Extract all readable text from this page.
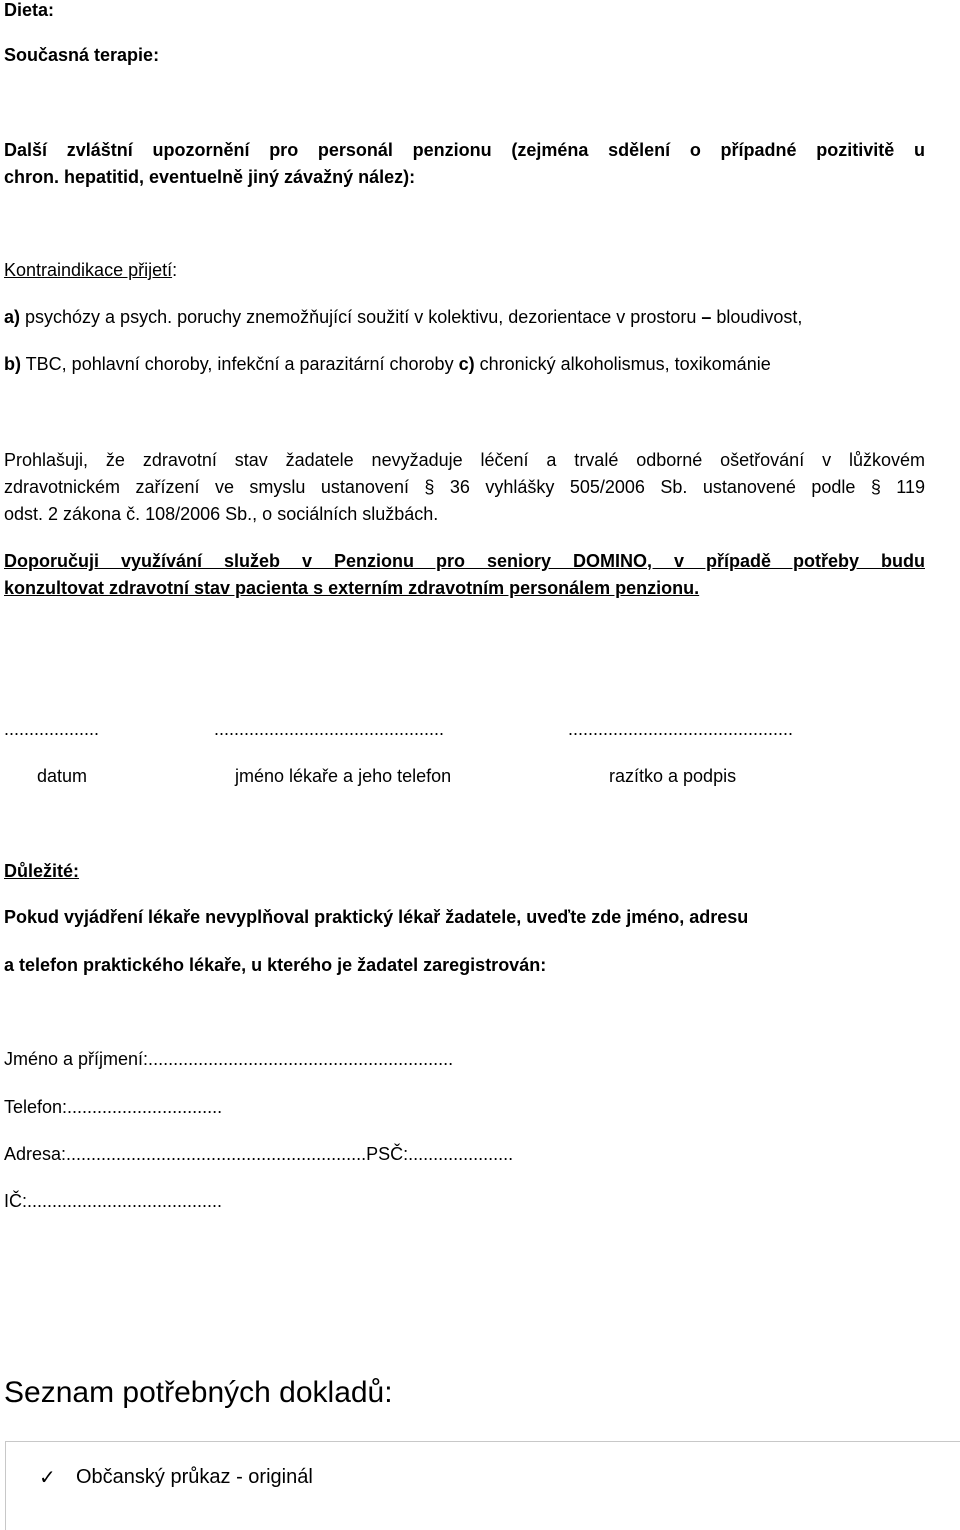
Dieta:
Současná terapie:
Další zvláštní upozornění pro personál penzionu (zejména sdělení o případné pozitivitě u
chron. hepatitid, eventuelně jiný závažný nález):
Kontraindikace přijetí:
a) psychózy a psych. poruchy znemožňující soužití v kolektivu, dezorientace v prostoru – bloudivost,
b) TBC, pohlavní choroby, infekční a parazitární choroby c) chronický alkoholismus, toxikománie
Prohlašuji, že zdravotní stav žadatele nevyžaduje léčení a trvalé odborné ošetřování v lůžkovém
zdravotnickém zařízení ve smyslu ustanovení § 36 vyhlášky 505/2006 Sb. ustanovené podle § 119
odst. 2 zákona č. 108/2006 Sb., o sociálních službách.
Doporučuji využívání služeb v Penzionu pro seniory DOMINO, v případě potřeby budu
konzultovat zdravotní stav pacienta s externím zdravotním personálem penzionu.
...................	..............................................	.............................................
datum	jméno lékaře a jeho telefon	razítko a podpis
Důležité:
Pokud vyjádření lékaře nevyplňoval praktický lékař žadatele, uveďte zde jméno, adresu
a telefon praktického lékaře, u kterého je žadatel zaregistrován:
Jméno a příjmení:.............................................................
Telefon:...............................
Adresa:............................................................PSČ:.....................
IČ:.......................................
Seznam potřebných dokladů:
✓ Občanský průkaz - originál
